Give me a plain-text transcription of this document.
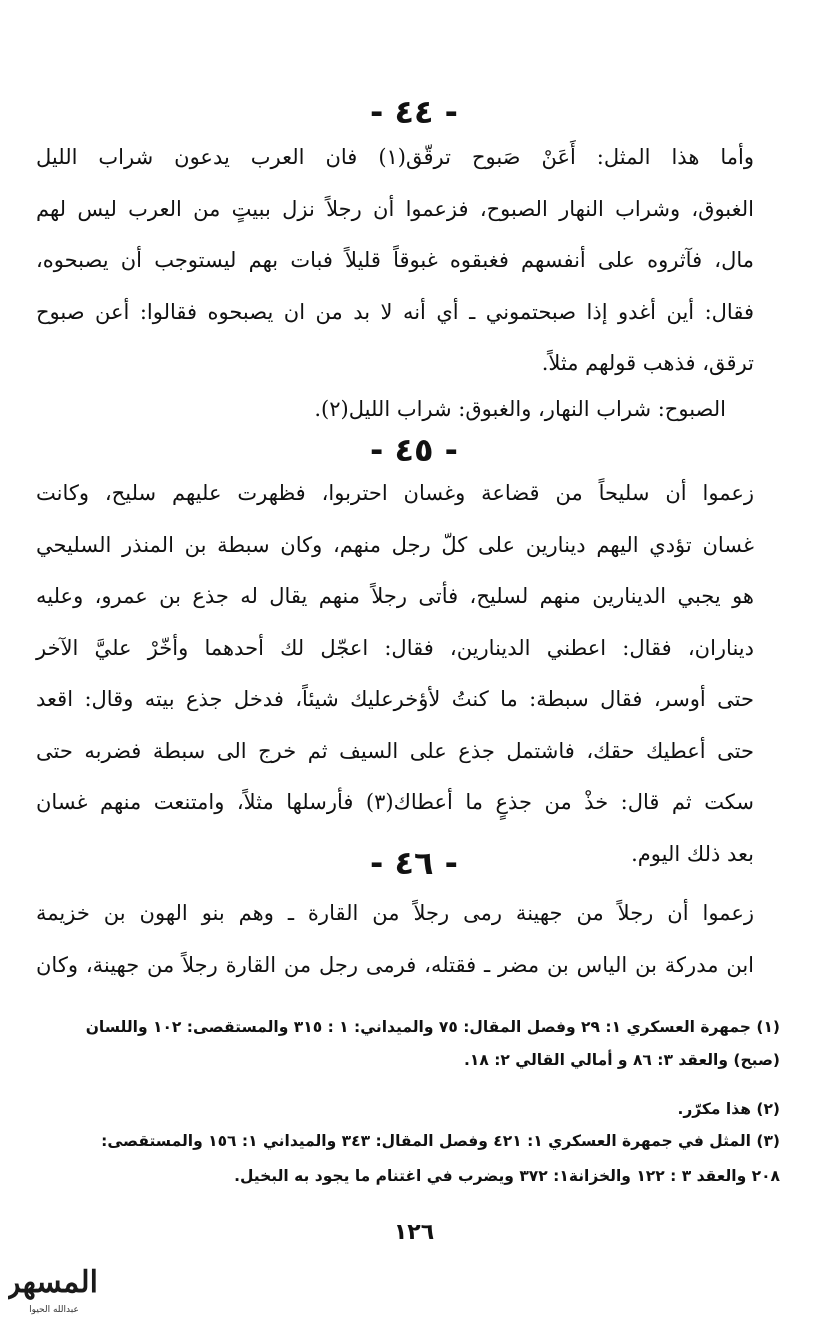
- ٤٤ -
وأما هذا المثل: أَعَنْ صَبوح ترقّق(١) فان العرب يدعون شراب الليل
الغبوق، وشراب النهار الصبوح، فزعموا أن رجلاً نزل ببيتٍ من العرب ليس لهم
مال، فآثروه على أنفسهم فغبقوه غبوقاً قليلاً فبات بهم ليستوجب أن يصبحوه،
فقال: أين أغدو إذا صبحتموني ـ أي أنه لا بد من ان يصبحوه فقالوا: أعن صبوح
ترقق، فذهب قولهم مثلاً.
الصبوح: شراب النهار، والغبوق: شراب الليل(٢).
- ٤٥ -
زعموا أن سليحاً من قضاعة وغسان احتربوا، فظهرت عليهم سليح، وكانت
غسان تؤدي اليهم دينارين على كلّ رجل منهم، وكان سبطة بن المنذر السليحي
هو يجبي الدينارين منهم لسليح، فأتى رجلاً منهم يقال له جذع بن عمرو، وعليه
ديناران، فقال: اعطني الدينارين، فقال: اعجّل لك أحدهما وأخّرْ عليَّ الآخر
حتى أوسر، فقال سبطة: ما كنتُ لأؤخرعليك شيئاً، فدخل جذع بيته وقال: اقعد
حتى أعطيك حقك، فاشتمل جذع على السيف ثم خرج الى سبطة فضربه حتى
سكت ثم قال: خذْ من جذعٍ ما أعطاك(٣) فأرسلها مثلاً، وامتنعت منهم غسان
بعد ذلك اليوم.
- ٤٦ -
زعموا أن رجلاً من جهينة رمى رجلاً من القارة ـ وهم بنو الهون بن خزيمة
ابن مدركة بن الياس بن مضر ـ فقتله، فرمى رجل من القارة رجلاً من جهينة، وكان
(١) جمهرة العسكري ١: ٢٩ وفصل المقال: ٧٥ والميداني: ١ : ٣١٥ والمستقصى: ١٠٢ واللسان
(صبح) والعقد ٣: ٨٦ و أمالي القالي ٢: ١٨.
(٢) هذا مكرّر.
(٣) المثل في جمهرة العسكري ١: ٤٢١ وفصل المقال: ٣٤٣ والميداني ١: ١٥٦ والمستقصى:
٢٠٨ والعقد ٣ : ١٢٢ والخزانة١: ٣٧٢ ويضرب في اغتنام ما يجود به البخيل.
١٢٦
المسهر
عبدالله الحيوا
